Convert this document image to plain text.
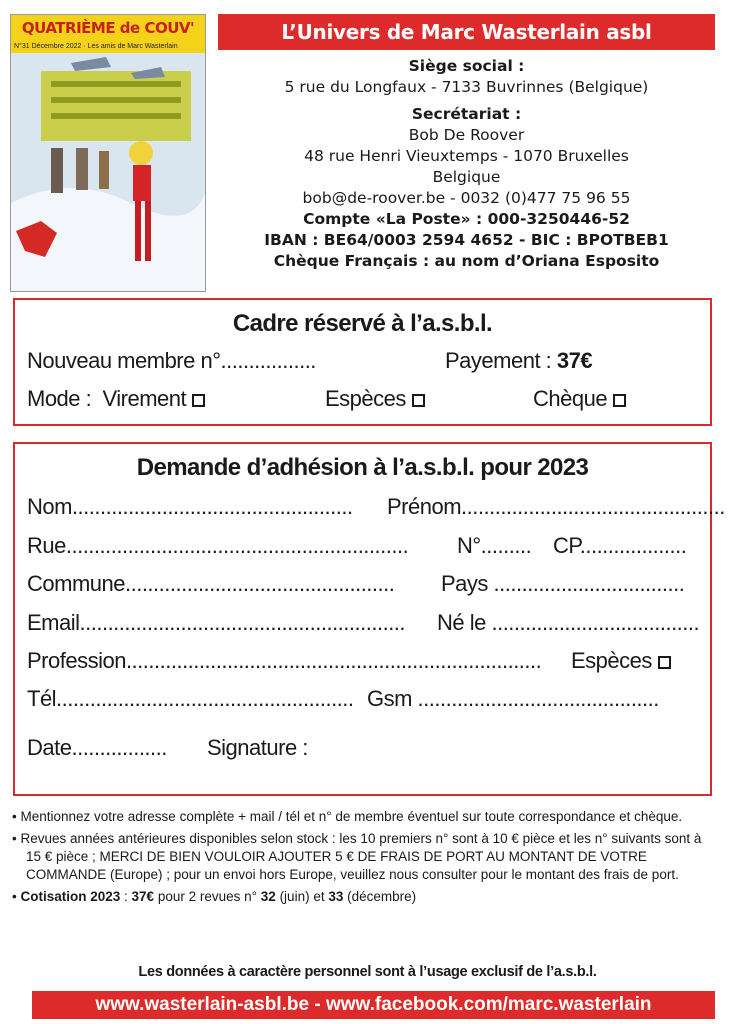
QUATRIÈME de COUV'
N°31 Décembre 2022 · Les amis de Marc Wasterlain
L’Univers de Marc Wasterlain asbl
Siège social :
5 rue du Longfaux - 7133 Buvrinnes (Belgique)
Secrétariat :
Bob De Roover
48 rue Henri Vieuxtemps - 1070 Bruxelles
Belgique
bob@de-roover.be - 0032 (0)477 75 96 55
Compte «La Poste» : 000-3250446-52
IBAN : BE64/0003 2594 4652 - BIC : BPOTBEB1
Chèque Français : au nom d’Oriana Esposito
Cadre réservé à l’a.s.b.l.
Nouveau membre n°.................	Payement : 37€
Mode : Virement	Espèces	Chèque
Demande d’adhésion à l’a.s.b.l. pour 2023
Nom.................................................. Prénom...............................................
Rue............................................................. N°......... CP...................
Commune................................................ Pays ..................................
Email.......................................................... Né le .....................................
Profession.......................................................................... Espèces
Tél..................................................... Gsm ...........................................
Date................. Signature :

• Mentionnez votre adresse complète + mail / tél et n° de membre éventuel sur toute correspondance et chèque.

• Revues années antérieures disponibles selon stock : les 10 premiers n° sont à 10 € pièce et les n° suivants sont à 15 € pièce ; MERCI DE BIEN VOULOIR AJOUTER 5 € DE FRAIS DE PORT AU MONTANT DE VOTRE COMMANDE (Europe) ; pour un envoi hors Europe, veuillez nous consulter pour le montant des frais de port.

• Cotisation 2023 : 37€ pour 2 revues n° 32 (juin) et 33 (décembre)

Les données à caractère personnel sont à l’usage exclusif de l’a.s.b.l.
www.wasterlain-asbl.be - www.facebook.com/marc.wasterlain
